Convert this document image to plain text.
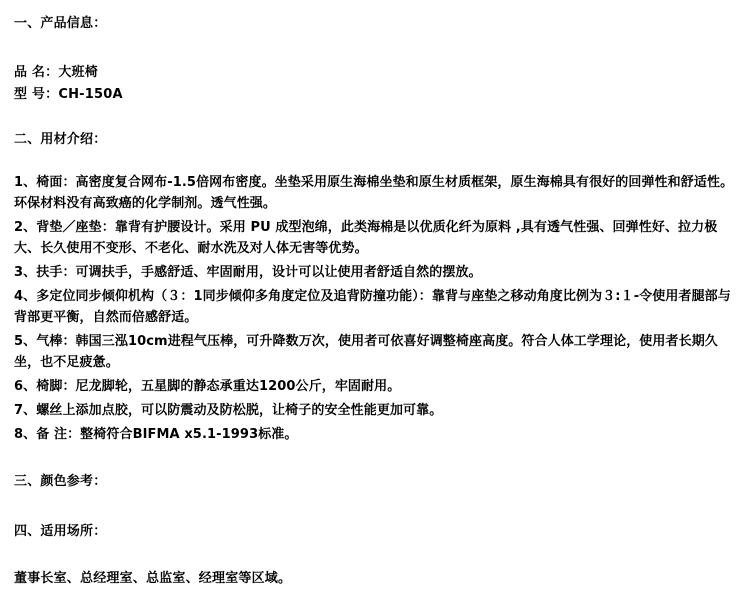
一、产品信息：

品 名：大班椅

型 号：CH-150A

二、用材介绍：

1、椅面：高密度复合网布-1.5倍网布密度。坐垫采用原生海棉坐垫和原生材质框架，原生海棉具有很好的回弹性和舒适性。环保材料没有高致癌的化学制剂。透气性强。

2、背垫／座垫：靠背有护腰设计。采用 PU 成型泡绵，此类海棉是以优质化纤为原料 ,具有透气性强、回弹性好、拉力极大、长久使用不变形、不老化、耐水洗及对人体无害等优势。

3、扶手：可调扶手，手感舒适、牢固耐用，设计可以让使用者舒适自然的摆放。

4、多定位同步倾仰机构（３：1同步倾仰多角度定位及追背防撞功能）：靠背与座垫之移动角度比例为３:１-令使用者腿部与背部更平衡，自然而倍感舒适。

5、气棒：韩国三泓10cm进程气压棒，可升降数万次，使用者可依喜好调整椅座高度。符合人体工学理论，使用者长期久坐，也不足疲惫。

6、椅脚：尼龙脚轮，五星脚的静态承重达1200公斤，牢固耐用。

7、螺丝上添加点胶，可以防震动及防松脱，让椅子的安全性能更加可靠。

8、备 注：整椅符合BIFMA x5.1-1993标准。

三、颜色参考：

四、适用场所：

董事长室、总经理室、总监室、经理室等区域。
